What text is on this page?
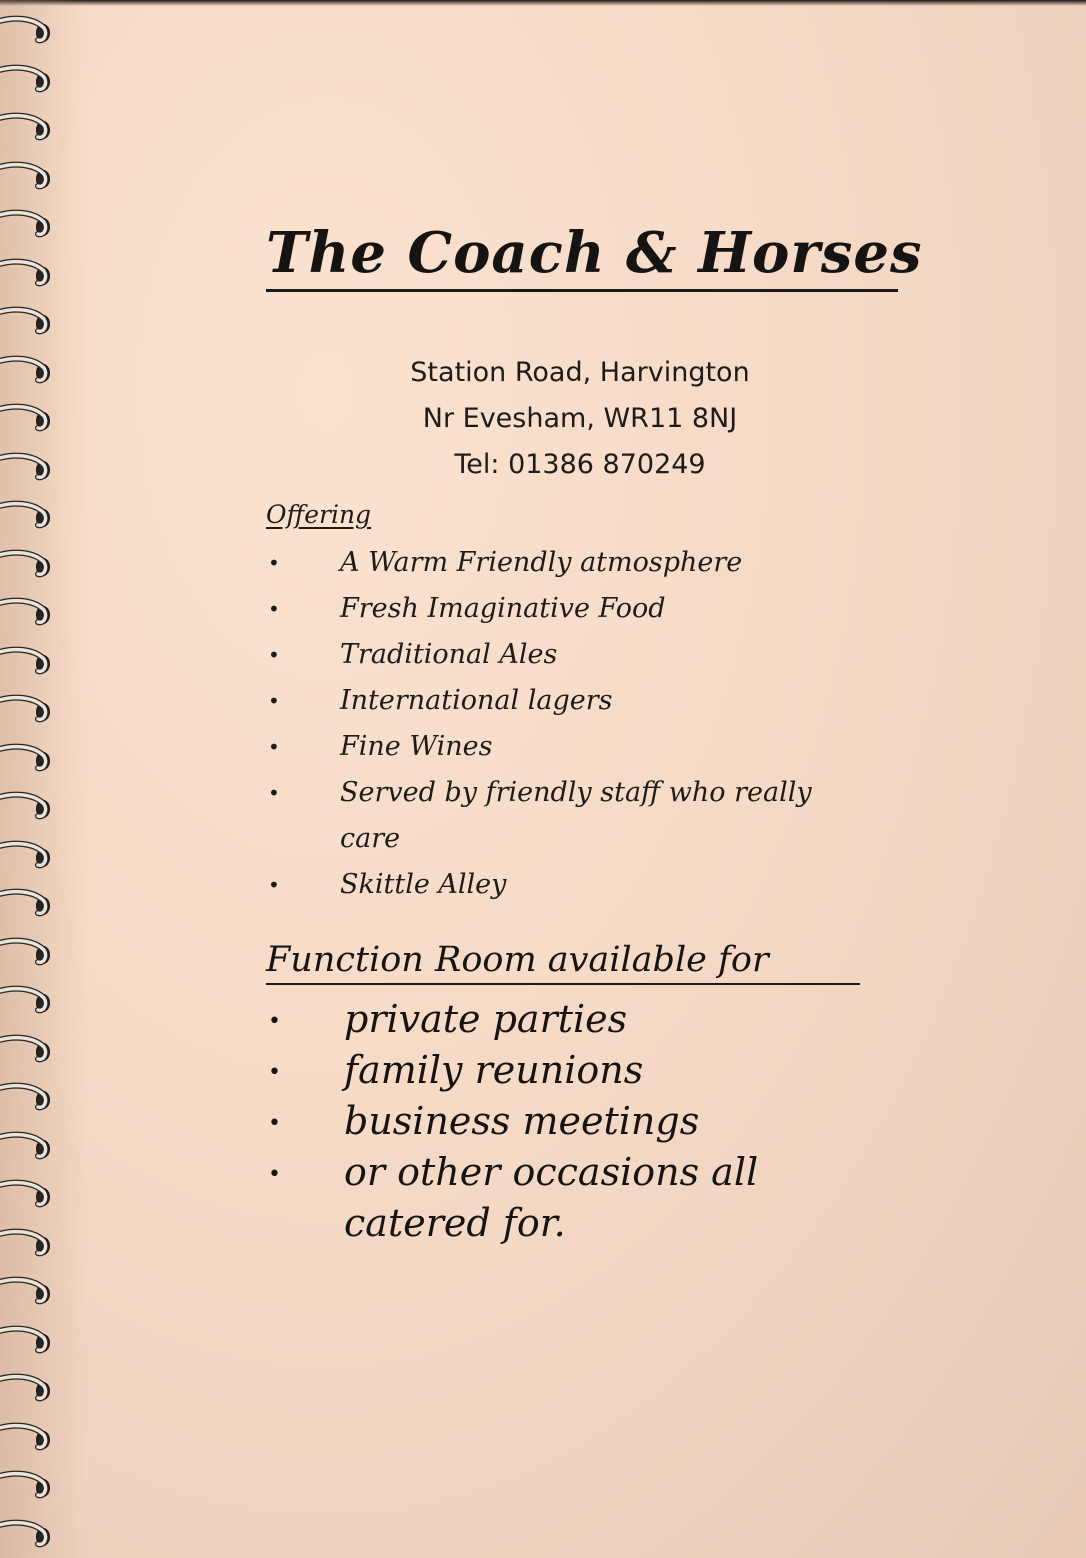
The Coach & Horses
Station Road, Harvington
Nr Evesham, WR11 8NJ
Tel: 01386 870249
Offering
• A Warm Friendly atmosphere
• Fresh Imaginative Food
• Traditional Ales
• International lagers
• Fine Wines
• Served by friendly staff who really care
• Skittle Alley
Function Room available for
• private parties
• family reunions
• business meetings
• or other occasions all catered for.
